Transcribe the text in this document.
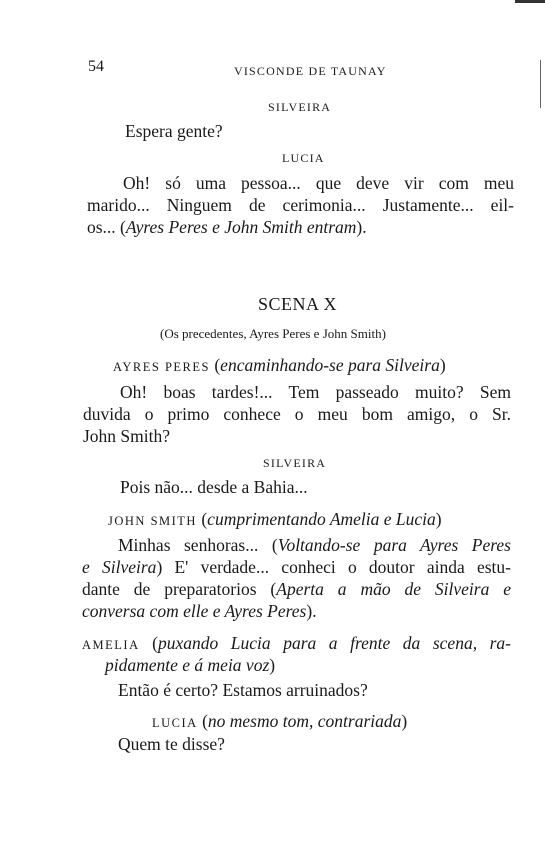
54	VISCONDE DE TAUNAY
SILVEIRA
Espera gente?
LUCIA
Oh! só uma pessoa... que deve vir com meu
marido... Ninguem de cerimonia... Justamente... eil-
os... (Ayres Peres e John Smith entram).
SCENA X
(Os precedentes, Ayres Peres e John Smith)
AYRES PERES (encaminhando-se para Silveira)
Oh! boas tardes!... Tem passeado muito? Sem
duvida o primo conhece o meu bom amigo, o Sr.
John Smith?
SILVEIRA
Pois não... desde a Bahia...
JOHN SMITH (cumprimentando Amelia e Lucia)
Minhas senhoras... (Voltando-se para Ayres Peres
e Silveira) E' verdade... conheci o doutor ainda estu-
dante de preparatorios (Aperta a mão de Silveira e
conversa com elle e Ayres Peres).
AMELIA (puxando Lucia para a frente da scena, ra-
pidamente e á meia voz)
Então é certo? Estamos arruinados?
LUCIA (no mesmo tom, contrariada)
Quem te disse?
